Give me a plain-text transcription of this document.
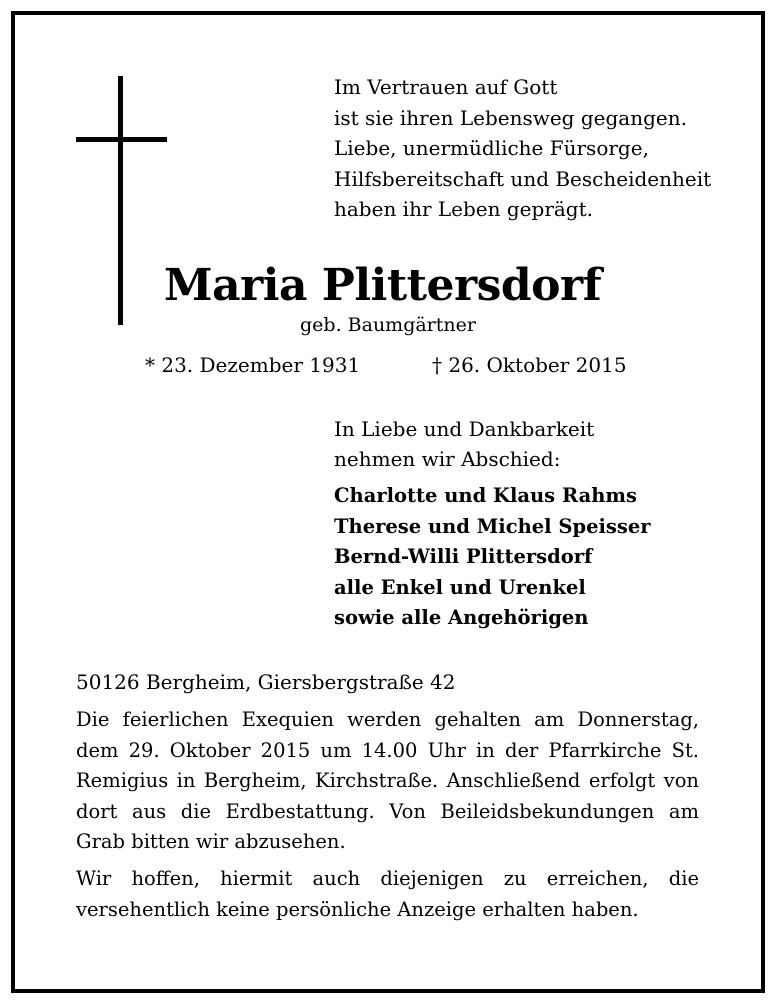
Im Vertrauen auf Gott
ist sie ihren Lebensweg gegangen.
Liebe, unermüdliche Fürsorge,
Hilfsbereitschaft und Bescheidenheit
haben ihr Leben geprägt.
Maria Plittersdorf
geb. Baumgärtner
* 23. Dezember 1931	† 26. Oktober 2015
In Liebe und Dankbarkeit
nehmen wir Abschied:
Charlotte und Klaus Rahms
Therese und Michel Speisser
Bernd-Willi Plittersdorf
alle Enkel und Urenkel
sowie alle Angehörigen
50126 Bergheim, Giersbergstraße 42
Die feierlichen Exequien werden gehalten am Donnerstag, dem 29. Oktober 2015 um 14.00 Uhr in der Pfarrkirche St. Remigius in Bergheim, Kirchstraße. Anschließend erfolgt von dort aus die Erdbestattung. Von Beileidsbekundungen am Grab bitten wir abzusehen.
Wir hoffen, hiermit auch diejenigen zu erreichen, die versehentlich keine persönliche Anzeige erhalten haben.
